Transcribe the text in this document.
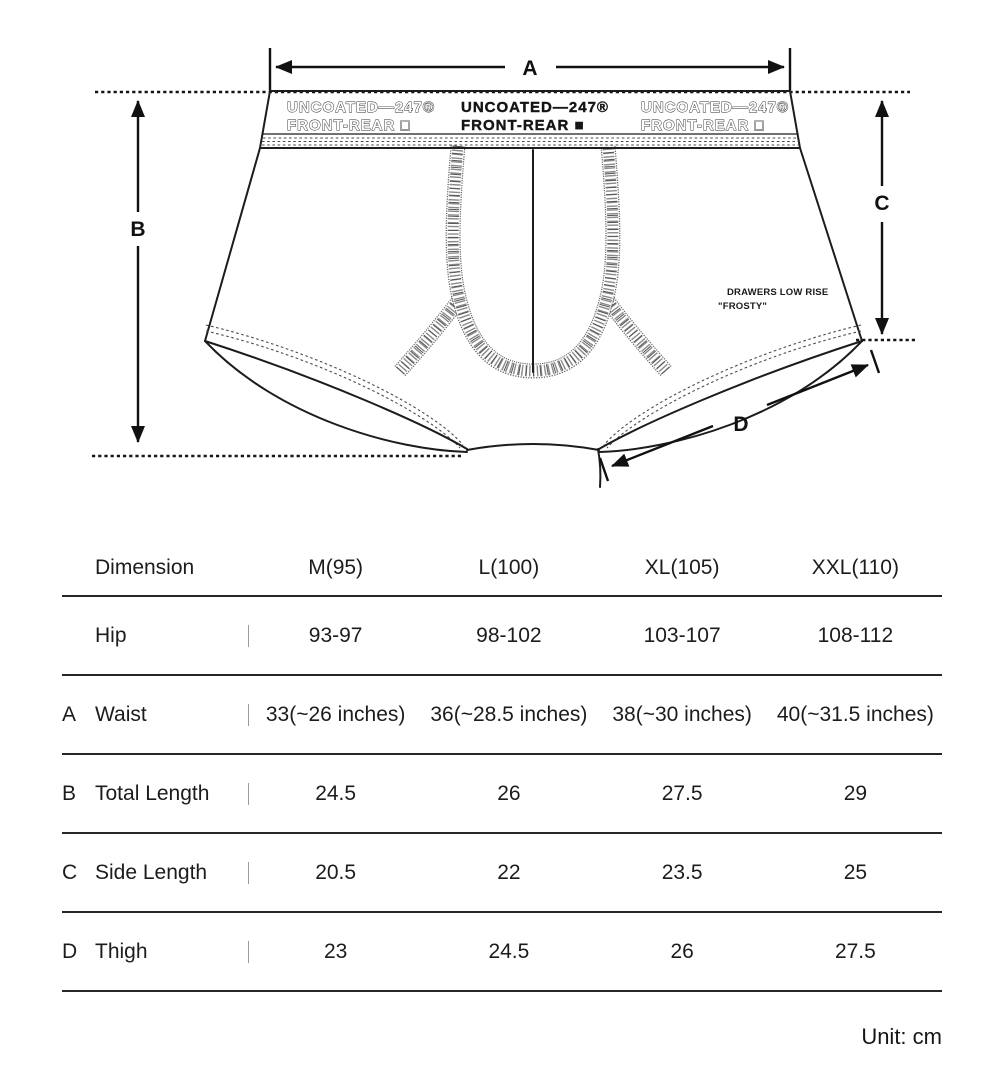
UNCOATED—247®
FRONT-REAR □
UNCOATED—247®
FRONT-REAR ■
UNCOATED—247®
FRONT-REAR □
DRAWERS LOW RISE
"FROSTY"
A
B
C
D
Dimension	M(95)	L(100)	XL(105)	XXL(110)
Hip	93-97	98-102	103-107	108-112
A Waist	33(~26 inches)	36(~28.5 inches)	38(~30 inches)	40(~31.5 inches)
B Total Length	24.5	26	27.5	29
C Side Length	20.5	22	23.5	25
D Thigh	23	24.5	26	27.5
Unit: cm
